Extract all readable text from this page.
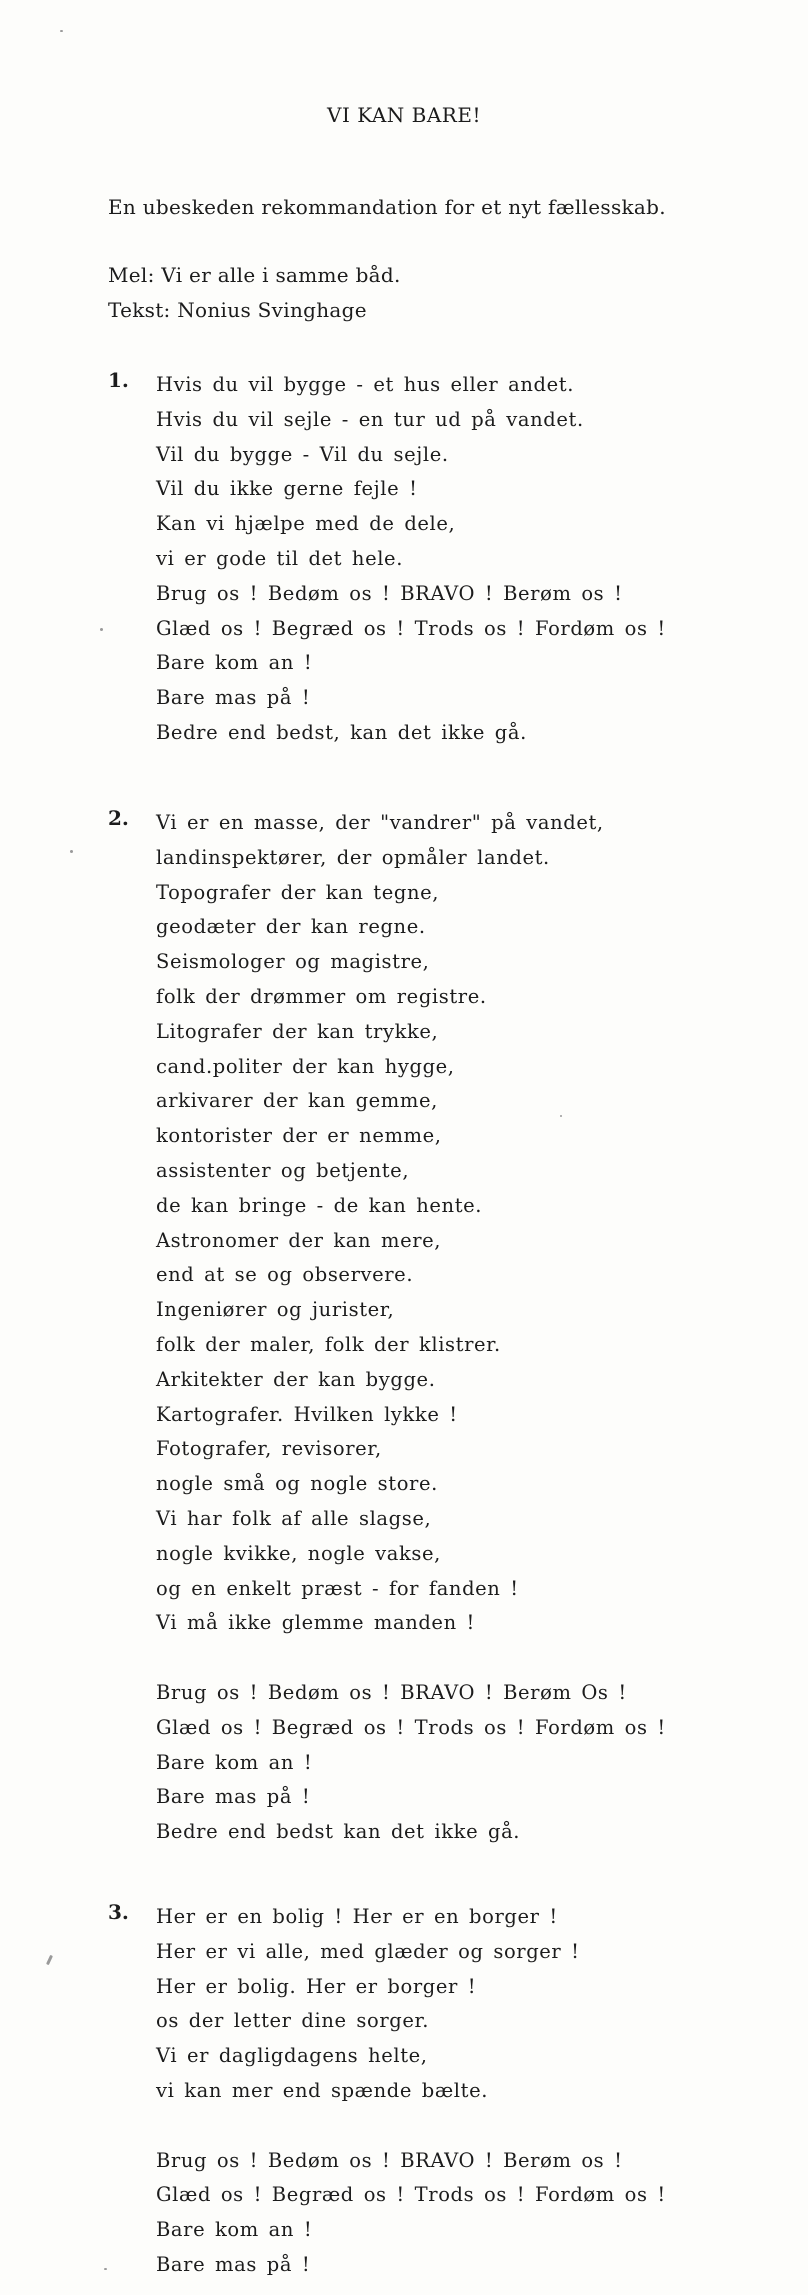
VI KAN BARE!
En ubeskeden rekommandation for et nyt fællesskab.
Mel: Vi er alle i samme båd.
Tekst: Nonius Svinghage
1. Hvis du vil bygge - et hus eller andet.
Hvis du vil sejle - en tur ud på vandet.
Vil du bygge - Vil du sejle.
Vil du ikke gerne fejle !
Kan vi hjælpe med de dele,
vi er gode til det hele.
Brug os ! Bedøm os ! BRAVO ! Berøm os !
Glæd os ! Begræd os ! Trods os ! Fordøm os !
Bare kom an !
Bare mas på !
Bedre end bedst, kan det ikke gå.
2. Vi er en masse, der "vandrer" på vandet,
landinspektører, der opmåler landet.
Topografer der kan tegne,
geodæter der kan regne.
Seismologer og magistre,
folk der drømmer om registre.
Litografer der kan trykke,
cand.politer der kan hygge,
arkivarer der kan gemme,
kontorister der er nemme,
assistenter og betjente,
de kan bringe - de kan hente.
Astronomer der kan mere,
end at se og observere.
Ingeniører og jurister,
folk der maler, folk der klistrer.
Arkitekter der kan bygge.
Kartografer. Hvilken lykke !
Fotografer, revisorer,
nogle små og nogle store.
Vi har folk af alle slagse,
nogle kvikke, nogle vakse,
og en enkelt præst - for fanden !
Vi må ikke glemme manden !
Brug os ! Bedøm os ! BRAVO ! Berøm Os !
Glæd os ! Begræd os ! Trods os ! Fordøm os !
Bare kom an !
Bare mas på !
Bedre end bedst kan det ikke gå.
3. Her er en bolig ! Her er en borger !
Her er vi alle, med glæder og sorger !
Her er bolig. Her er borger !
os der letter dine sorger.
Vi er dagligdagens helte,
vi kan mer end spænde bælte.
Brug os ! Bedøm os ! BRAVO ! Berøm os !
Glæd os ! Begræd os ! Trods os ! Fordøm os !
Bare kom an !
Bare mas på !
